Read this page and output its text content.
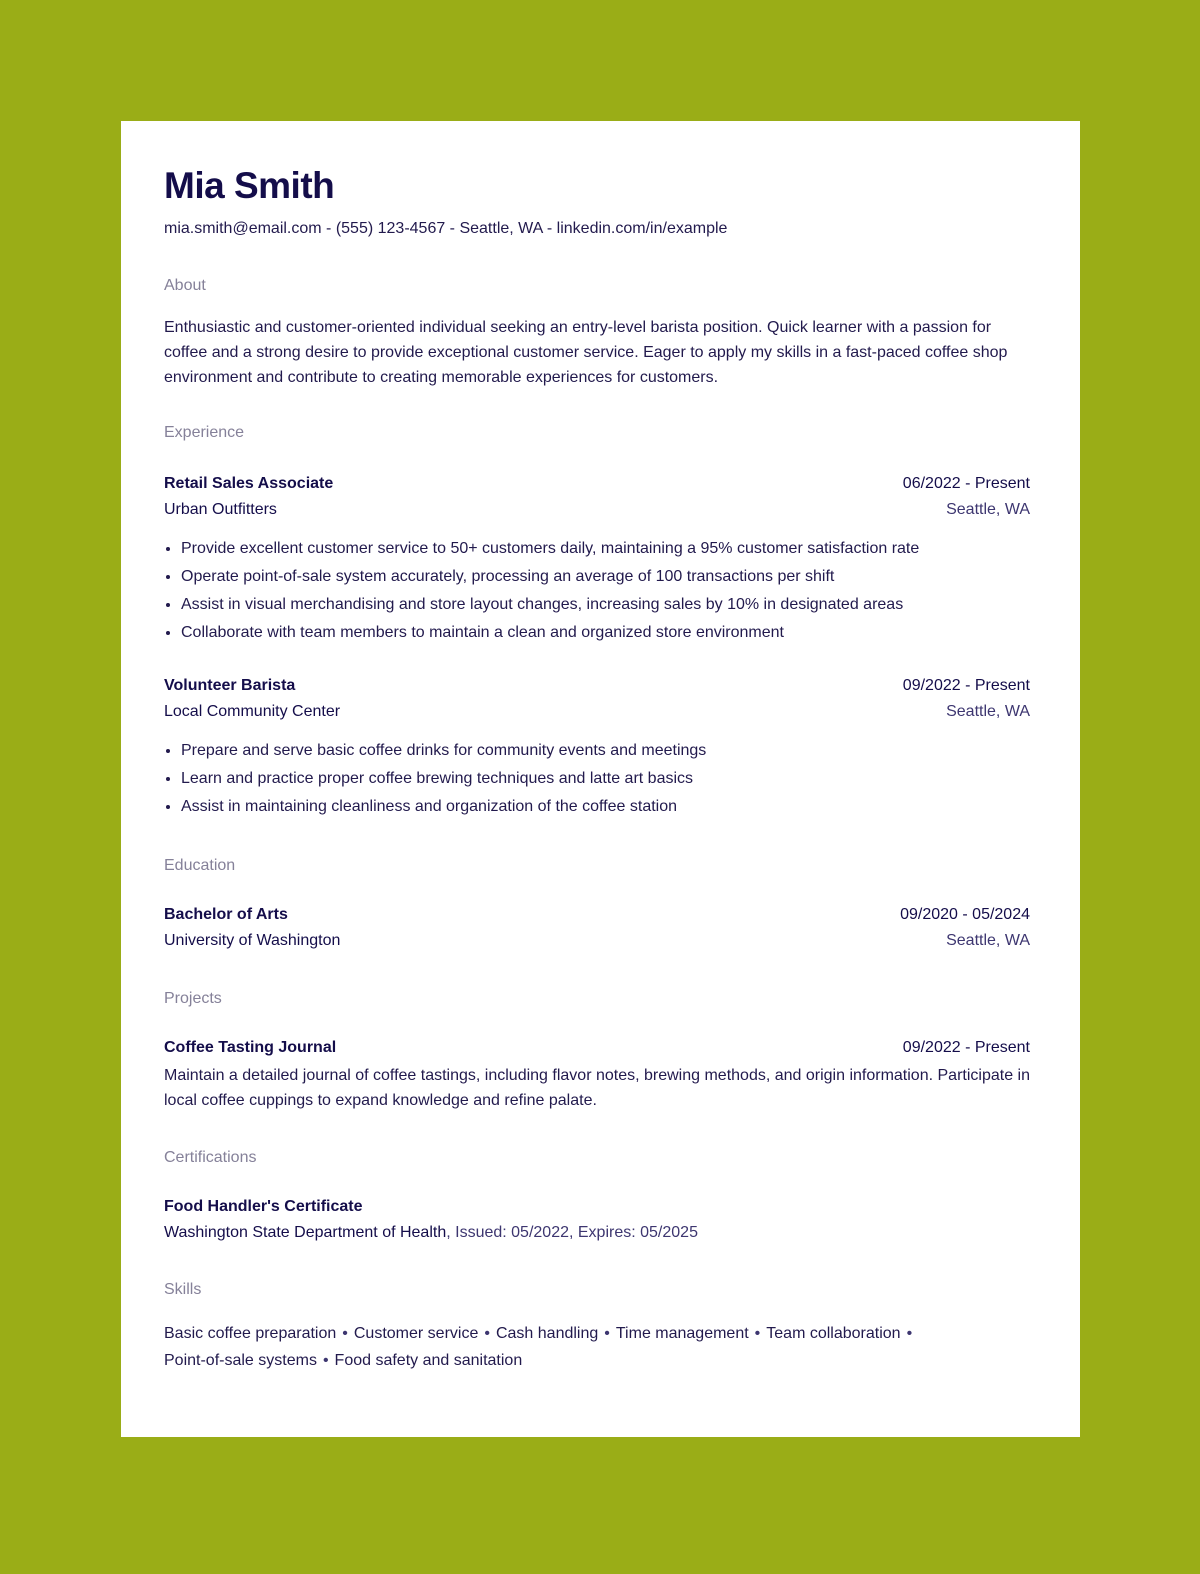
Mia Smith
mia.smith@email.com - (555) 123-4567 - Seattle, WA - linkedin.com/in/example
About
Enthusiastic and customer-oriented individual seeking an entry-level barista position. Quick learner with a passion for coffee and a strong desire to provide exceptional customer service. Eager to apply my skills in a fast-paced coffee shop environment and contribute to creating memorable experiences for customers.
Experience
Retail Sales Associate	06/2022 - Present
Urban Outfitters	Seattle, WA
• Provide excellent customer service to 50+ customers daily, maintaining a 95% customer satisfaction rate
• Operate point-of-sale system accurately, processing an average of 100 transactions per shift
• Assist in visual merchandising and store layout changes, increasing sales by 10% in designated areas
• Collaborate with team members to maintain a clean and organized store environment
Volunteer Barista	09/2022 - Present
Local Community Center	Seattle, WA
• Prepare and serve basic coffee drinks for community events and meetings
• Learn and practice proper coffee brewing techniques and latte art basics
• Assist in maintaining cleanliness and organization of the coffee station
Education
Bachelor of Arts	09/2020 - 05/2024
University of Washington	Seattle, WA
Projects
Coffee Tasting Journal	09/2022 - Present
Maintain a detailed journal of coffee tastings, including flavor notes, brewing methods, and origin information. Participate in local coffee cuppings to expand knowledge and refine palate.
Certifications
Food Handler's Certificate
Washington State Department of Health , Issued: 05/2022, Expires: 05/2025
Skills
Basic coffee preparation • Customer service • Cash handling • Time management • Team collaboration •
Point-of-sale systems • Food safety and sanitation
